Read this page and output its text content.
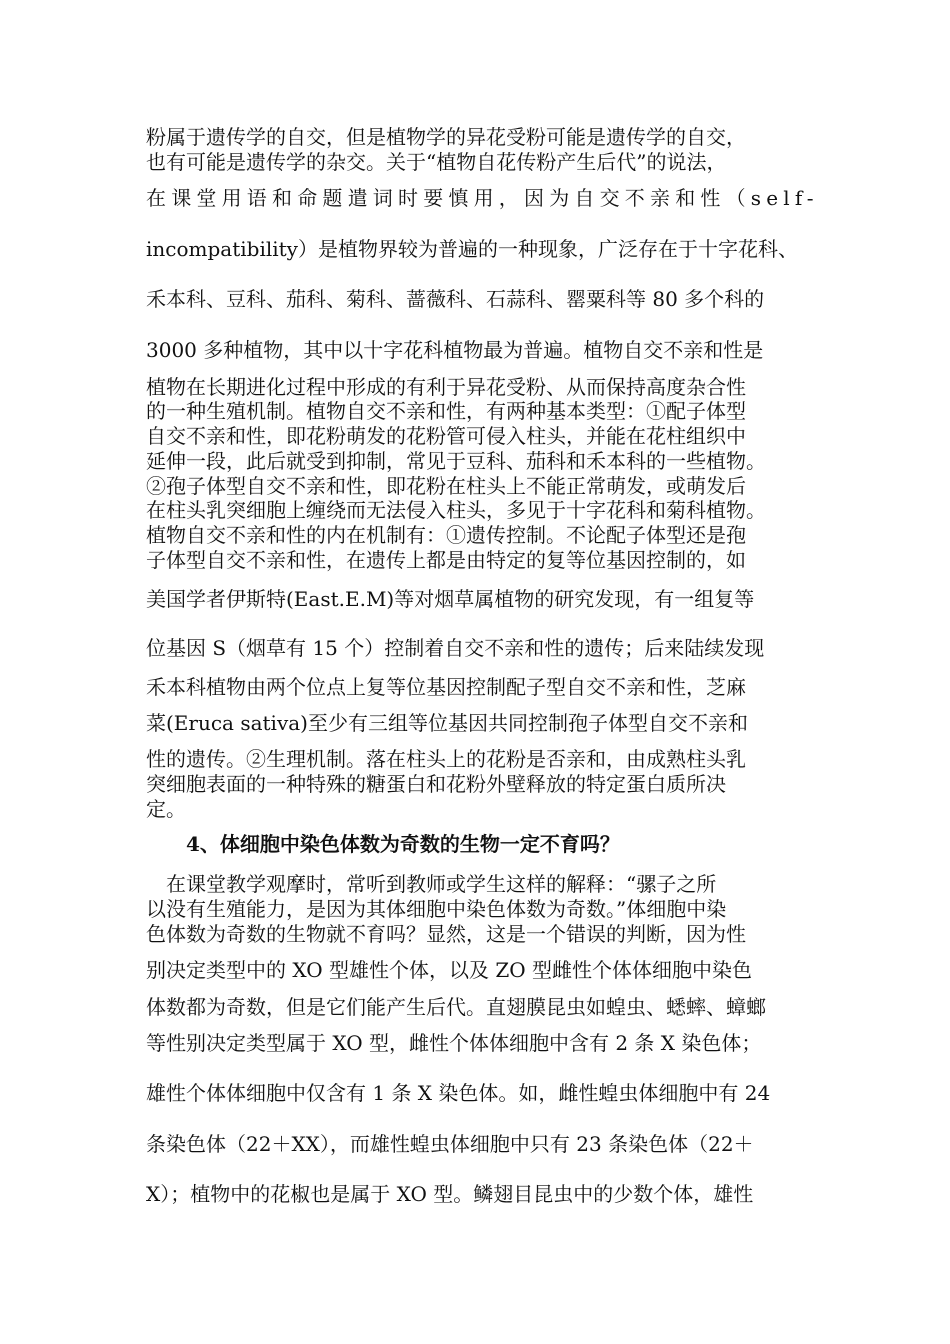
粉属于遗传学的自交，但是植物学的异花受粉可能是遗传学的自交，

也有可能是遗传学的杂交。关于“植物自花传粉产生后代”的说法，

在课堂用语和命题遣词时要慎用，因为自交不亲和性（self-

incompatibility）是植物界较为普遍的一种现象，广泛存在于十字花科、

禾本科、豆科、茄科、菊科、蔷薇科、石蒜科、罂粟科等 80 多个科的

3000 多种植物，其中以十字花科植物最为普遍。植物自交不亲和性是

植物在长期进化过程中形成的有利于异花受粉、从而保持高度杂合性

的一种生殖机制。植物自交不亲和性，有两种基本类型：①配子体型

自交不亲和性，即花粉萌发的花粉管可侵入柱头，并能在花柱组织中

延伸一段，此后就受到抑制，常见于豆科、茄科和禾本科的一些植物。

②孢子体型自交不亲和性，即花粉在柱头上不能正常萌发，或萌发后

在柱头乳突细胞上缠绕而无法侵入柱头，多见于十字花科和菊科植物。

植物自交不亲和性的内在机制有：①遗传控制。不论配子体型还是孢

子体型自交不亲和性，在遗传上都是由特定的复等位基因控制的，如

美国学者伊斯特(East.E.M)等对烟草属植物的研究发现，有一组复等

位基因 S（烟草有 15 个）控制着自交不亲和性的遗传；后来陆续发现

禾本科植物由两个位点上复等位基因控制配子型自交不亲和性，芝麻

菜(Eruca sativa)至少有三组等位基因共同控制孢子体型自交不亲和

性的遗传。②生理机制。落在柱头上的花粉是否亲和，由成熟柱头乳

突细胞表面的一种特殊的糖蛋白和花粉外壁释放的特定蛋白质所决

定。

4、体细胞中染色体数为奇数的生物一定不育吗？

　在课堂教学观摩时，常听到教师或学生这样的解释：“骡子之所

以没有生殖能力，是因为其体细胞中染色体数为奇数。”体细胞中染

色体数为奇数的生物就不育吗？显然，这是一个错误的判断，因为性

别决定类型中的 XO 型雄性个体，以及 ZO 型雌性个体体细胞中染色

体数都为奇数，但是它们能产生后代。直翅膜昆虫如蝗虫、蟋蟀、蟑螂

等性别决定类型属于 XO 型，雌性个体体细胞中含有 2 条 X 染色体；

雄性个体体细胞中仅含有 1 条 X 染色体。如，雌性蝗虫体细胞中有 24

条染色体（22＋XX），而雄性蝗虫体细胞中只有 23 条染色体（22＋

X）；植物中的花椒也是属于 XO 型。鳞翅目昆虫中的少数个体，雄性
